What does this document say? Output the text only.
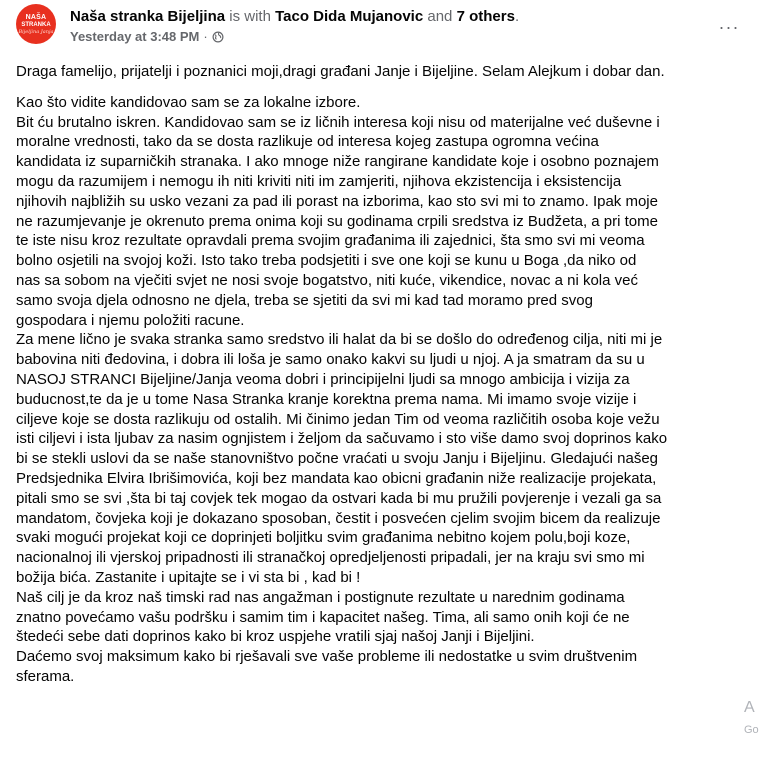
NAŠA
STRANKA
Bijeljina Janja
Naša stranka Bijeljina is with Taco Dida Mujanovic and 7 others.
Yesterday at 3:48 PM ·	···

Draga famelijo, prijatelji i poznanici moji,dragi građani Janje i Bijeljine. Selam Alejkum i dobar dan.

Kao što vidite kandidovao sam se za lokalne izbore.
Bit ću brutalno iskren. Kandidovao sam se iz ličnih interesa koji nisu od materijalne već duševne i
moralne vrednosti, tako da se dosta razlikuje od interesa kojeg zastupa ogromna većina
kandidata iz suparničkih stranaka. I ako mnoge niže rangirane kandidate koje i osobno poznajem
mogu da razumijem i nemogu ih niti kriviti niti im zamjeriti, njihova ekzistencija i eksistencija
njihovih najbližih su usko vezani za pad ili porast na izborima, kao sto svi mi to znamo. Ipak moje
ne razumjevanje je okrenuto prema onima koji su godinama crpili sredstva iz Budžeta, a pri tome
te iste nisu kroz rezultate opravdali prema svojim građanima ili zajednici, šta smo svi mi veoma
bolno osjetili na svojoj koži. Isto tako treba podsjetiti i sve one koji se kunu u Boga ,da niko od
nas sa sobom na vječiti svjet ne nosi svoje bogatstvo, niti kuće, vikendice, novac a ni kola već
samo svoja djela odnosno ne djela, treba se sjetiti da svi mi kad tad moramo pred svog
gospodara i njemu položiti racune.
Za mene lično je svaka stranka samo sredstvo ili halat da bi se došlo do određenog cilja, niti mi je
babovina niti đedovina, i dobra ili loša je samo onako kakvi su ljudi u njoj. A ja smatram da su u
NASOJ STRANCI Bijeljine/Janja veoma dobri i principijelni ljudi sa mnogo ambicija i vizija za
buducnost,te da je u tome Nasa Stranka kranje korektna prema nama. Mi imamo svoje vizije i
ciljeve koje se dosta razlikuju od ostalih. Mi činimo jedan Tim od veoma različitih osoba koje vežu
isti ciljevi i ista ljubav za nasim ognjistem i željom da sačuvamo i sto više damo svoj doprinos kako
bi se stekli uslovi da se naše stanovništvo počne vraćati u svoju Janju i Bijeljinu. Gledajući našeg
Predsjednika Elvira Ibrišimovića, koji bez mandata kao obicni građanin niže realizacije projekata,
pitali smo se svi ,šta bi taj covjek tek mogao da ostvari kada bi mu pružili povjerenje i vezali ga sa
mandatom, čovjeka koji je dokazano sposoban, čestit i posvećen cjelim svojim bicem da realizuje
svaki mogući projekat koji ce doprinjeti boljitku svim građanima nebitno kojem polu,boji koze,
nacionalnoj ili vjerskoj pripadnosti ili stranačkoj opredjeljenosti pripadali, jer na kraju svi smo mi
božija bića. Zastanite i upitajte se i vi sta bi , kad bi !
Naš cilj je da kroz naš timski rad nas angažman i postignute rezultate u narednim godinama
znatno povećamo vašu podršku i samim tim i kapacitet našeg. Tima, ali samo onih koji će ne
štedeći sebe dati doprinos kako bi kroz uspjehe vratili sjaj našoj Janji i Bijeljini.
Daćemo svoj maksimum kako bi rješavali sve vaše probleme ili nedostatke u svim društvenim
sferama.

A
Go
